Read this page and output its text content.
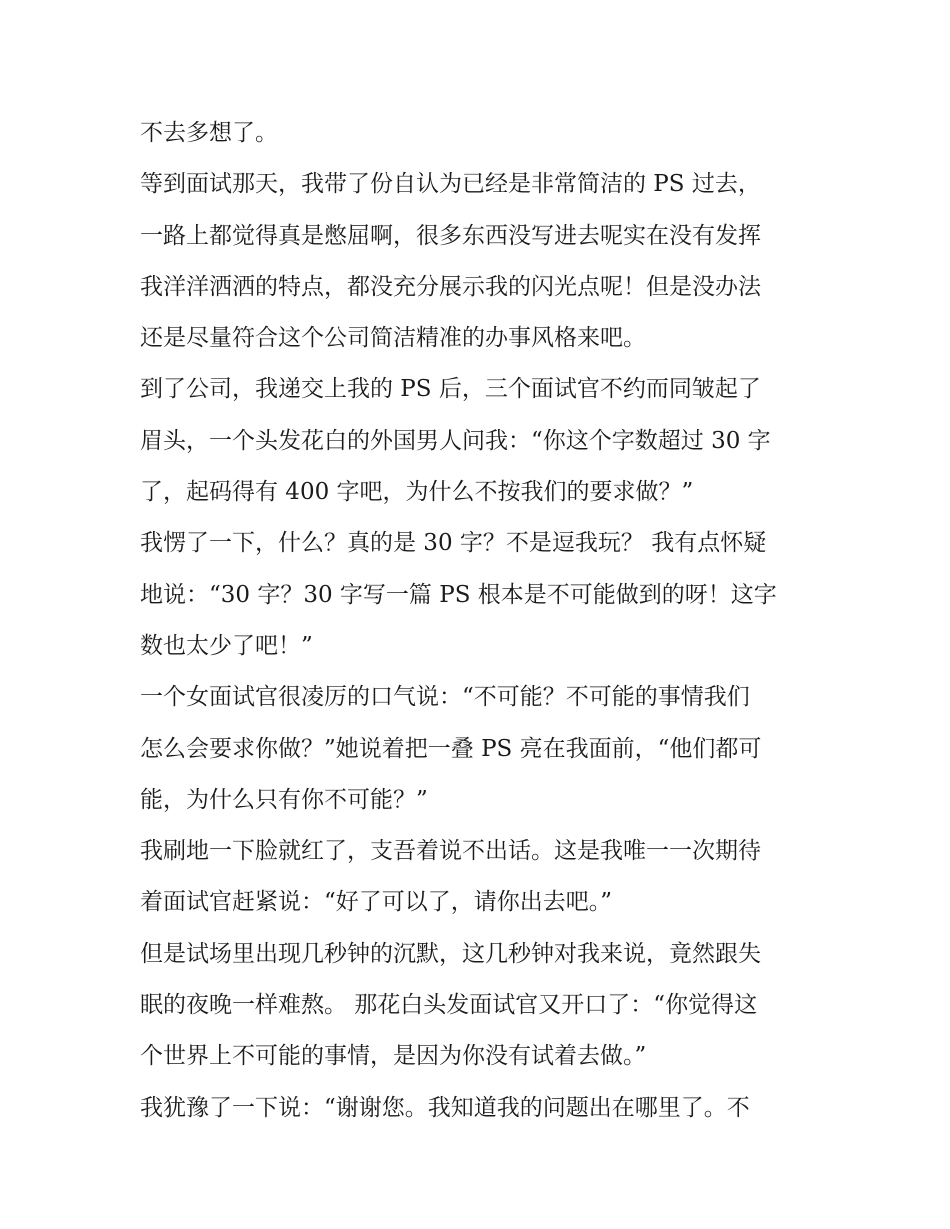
不去多想了。
等到面试那天，我带了份自认为已经是非常简洁的 PS 过去，
一路上都觉得真是憋屈啊，很多东西没写进去呢实在没有发挥
我洋洋洒洒的特点，都没充分展示我的闪光点呢！但是没办法
还是尽量符合这个公司简洁精准的办事风格来吧。
到了公司，我递交上我的 PS 后，三个面试官不约而同皱起了
眉头，一个头发花白的外国男人问我：“你这个字数超过 30 字
了，起码得有 400 字吧，为什么不按我们的要求做？”
我愣了一下，什么？真的是 30 字？不是逗我玩？ 我有点怀疑
地说：“30 字？30 字写一篇 PS 根本是不可能做到的呀！这字
数也太少了吧！”
一个女面试官很凌厉的口气说：“不可能？不可能的事情我们
怎么会要求你做？”她说着把一叠 PS 亮在我面前，“他们都可
能，为什么只有你不可能？”
我刷地一下脸就红了，支吾着说不出话。这是我唯一一次期待
着面试官赶紧说：“好了可以了，请你出去吧。”
但是试场里出现几秒钟的沉默，这几秒钟对我来说，竟然跟失
眠的夜晚一样难熬。 那花白头发面试官又开口了：“你觉得这
个世界上不可能的事情，是因为你没有试着去做。”
我犹豫了一下说：“谢谢您。我知道我的问题出在哪里了。不
